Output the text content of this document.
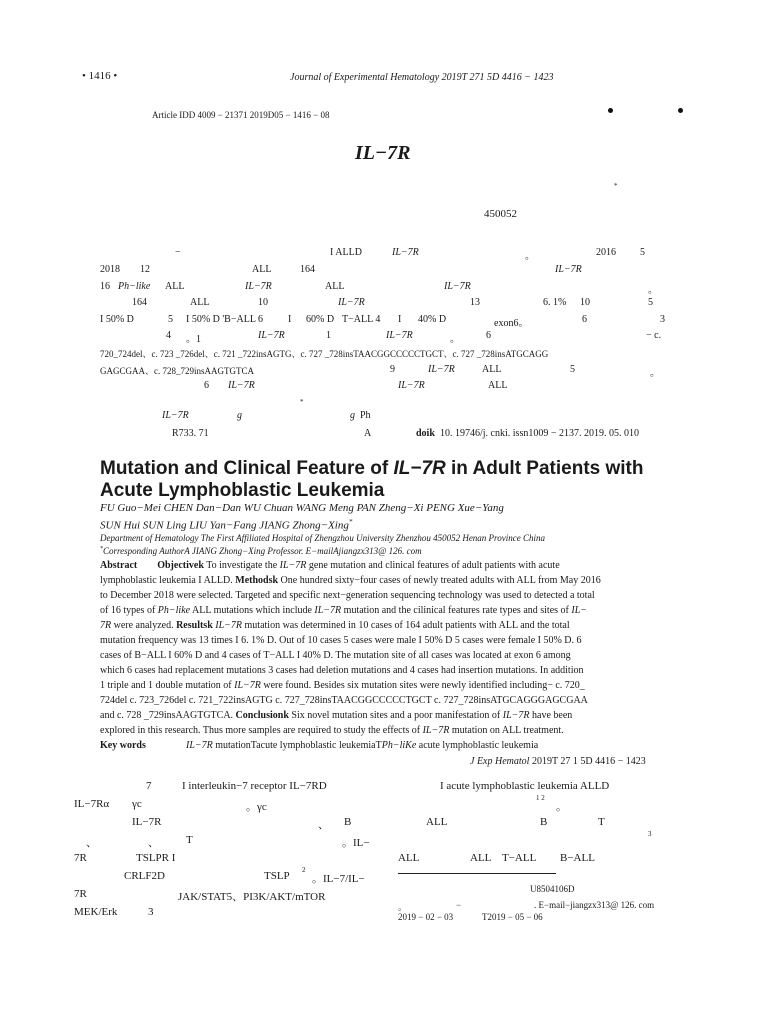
• 1416 •	Journal of Experimental Hematology 2019T 271 5D 4416 − 1423
Article IDD 4009 − 21371 2019D05 − 1416 − 08
IL−7R
*
450052
−	I ALLD	IL−7R	。	2016 5
2018 12	ALL	164	IL−7R
16 Ph−like ALL	IL−7R	ALL	IL−7R	。
164	ALL	10	IL−7R	13	6. 1% 10	5
I 50% D	5 I 50% D 'B−ALL 6 I 60% D T−ALL 4 I 40% D	exon6。	6	3
4 。1	IL−7R	1	IL−7R	。	6	− c.
720_724del、c. 723 _726del、c. 721 _722insAGTG、c. 727 _728insTAACGGCCCCCTGCT、c. 727 _728insATGCAGG
GAGCGAA、c. 728_729insAAGTGTCA	9	IL−7R	ALL	5	。
6 IL−7R	IL−7R	ALL
*
IL−7R	g	g Ph
R733. 71	A	doik 10. 19746/j. cnki. issn1009 − 2137. 2019. 05. 010
Mutation and Clinical Feature of IL−7R in Adult Patients with
Acute Lymphoblastic Leukemia
FU Guo−Mei CHEN Dan−Dan WU Chuan WANG Meng PAN Zheng−Xi PENG Xue−Yang
SUN Hui SUN Ling LIU Yan−Fang JIANG Zhong−Xing*
Department of Hematology The First Affiliated Hospital of Zhengzhou University Zhenzhou 450052 Henan Province China
*Corresponding AuthorA JIANG Zhong−Xing Professor. E−mailAjiangzx313@ 126. com
Abstract Objectivek To investigate the IL−7R gene mutation and clinical features of adult patients with acute
lymphoblastic leukemia I ALLD. Methodsk One hundred sixty−four cases of newly treated adults with ALL from May 2016
to December 2018 were selected. Targeted and specific next−generation sequencing technology was used to detected a total
of 16 types of Ph−like ALL mutations which include IL−7R mutation and the cilinical features rate types and sites of IL−
7R were analyzed. Resultsk IL−7R mutation was determined in 10 cases of 164 adult patients with ALL and the total
mutation frequency was 13 times I 6. 1% D. Out of 10 cases 5 cases were male I 50% D 5 cases were female I 50% D. 6
cases of B−ALL I 60% D and 4 cases of T−ALL I 40% D. The mutation site of all cases was located at exon 6 among
which 6 cases had replacement mutations 3 cases had deletion mutations and 4 cases had insertion mutations. In addition
1 triple and 1 double mutation of IL−7R were found. Besides six mutation sites were newly identified including− c. 720_
724del c. 723_726del c. 721_722insAGTG c. 727_728insTAACGGCCCCCTGCT c. 727_728insATGCAGGGAGCGAA
and c. 728 _729insAAGTGTCA. Conclusionk Six novel mutation sites and a poor manifestation of IL−7R have been
explored in this research. Thus more samples are required to study the effects of IL−7R mutation on ALL treatment.
Key words	IL−7R mutationTacute lymphoblastic leukemiaTPh−liKe acute lymphoblastic leukemia
J Exp Hematol 2019T 27 1 5D 4416 − 1423
7	I interleukin−7 receptor IL−7RD
IL−7Rα γc	。γc
IL−7R	、 B
、	、 T	。IL−
7R	TSLPR I
CRLF2D	TSLP 2
。IL−7/IL−
7R	JAK/STAT5、PI3K/AKT/mTOR
MEK/Erk	3
I acute lymphoblastic leukemia ALLD
1 2
。
ALL	B	T
3
ALL	ALL T−ALL B−ALL
U8504106D
。	−	. E−mail−jiangzx313@ 126. com
2019 − 02 − 03	T2019 − 05 − 06
